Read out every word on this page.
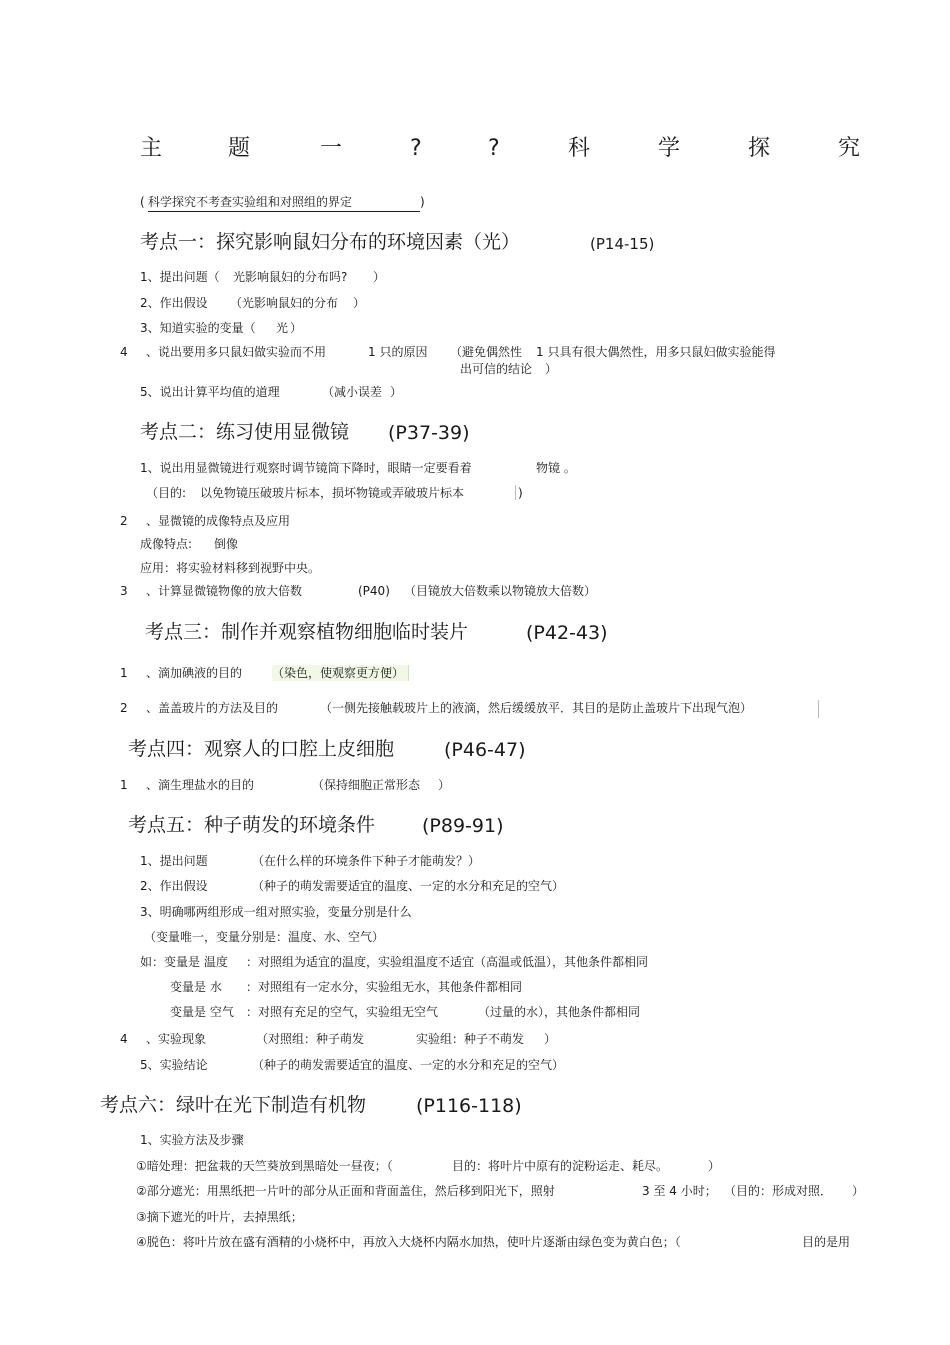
主	题	一	?	?	科	学	探	究
( 科学探究不考查实验组和对照组的界定	)
考点一：探究影响鼠妇分布的环境因素（光）	(P14-15)
1、提出问题（ 光影响鼠妇的分布吗? ）
2、作出假设 （光影响鼠妇的分布 ）
3、知道实验的变量（ 光 ）
4 、说出要用多只鼠妇做实验而不用	1 只的原因 （避免偶然性 1 只具有很大偶然性，用多只鼠妇做实验能得
出可信的结论 ）
5、说出计算平均值的道理	（减小误差 ）
考点二：练习使用显微镜 (P37-39)
1、说出用显微镜进行观察时调节镜筒下降时，眼睛一定要看着	物镜 。
（目的: 以免物镜压破玻片标本，损坏物镜或弄破玻片标本	)
2 、显微镜的成像特点及应用
成像特点: 倒像
应用：将实验材料移到视野中央。
3 、计算显微镜物像的放大倍数	(P40) （目镜放大倍数乘以物镜放大倍数）
考点三：制作并观察植物细胞临时装片	(P42-43)
1 、滴加碘液的目的 （染色，使观察更方便）
2 、盖盖玻片的方法及目的	（一侧先接触载玻片上的液滴，然后缓缓放平．其目的是防止盖玻片下出现气泡）
考点四：观察人的口腔上皮细胞	(P46-47)
1 、滴生理盐水的目的	（保持细胞正常形态 ）
考点五：种子萌发的环境条件 (P89-91)
1、提出问题	（在什么样的环境条件下种子才能萌发？）
2、作出假设	（种子的萌发需要适宜的温度、一定的水分和充足的空气）
3、明确哪两组形成一组对照实验，变量分别是什么
（变量唯一，变量分别是：温度、水、空气）
如：变量是 温度 ：对照组为适宜的温度，实验组温度不适宜（高温或低温），其他条件都相同
变量是 水 ：对照组有一定水分，实验组无水，其他条件都相同
变量是 空气 ：对照有充足的空气，实验组无空气	（过量的水），其他条件都相同
4 、实验现象	（对照组：种子萌发	实验组：种子不萌发 ）
5、实验结论	（种子的萌发需要适宜的温度、一定的水分和充足的空气）
考点六：绿叶在光下制造有机物	(P116-118)
1、实验方法及步骤
①暗处理：把盆栽的天竺葵放到黑暗处一昼夜；（	目的：将叶片中原有的淀粉运走、耗尽。	）
②部分遮光：用黑纸把一片叶的部分从正面和背面盖住，然后移到阳光下，照射	3 至 4 小时； （目的：形成对照． ）
③摘下遮光的叶片，去掉黑纸；
④脱色：将叶片放在盛有酒精的小烧杯中，再放入大烧杯内隔水加热，使叶片逐渐由绿色变为黄白色；（	目的是用
